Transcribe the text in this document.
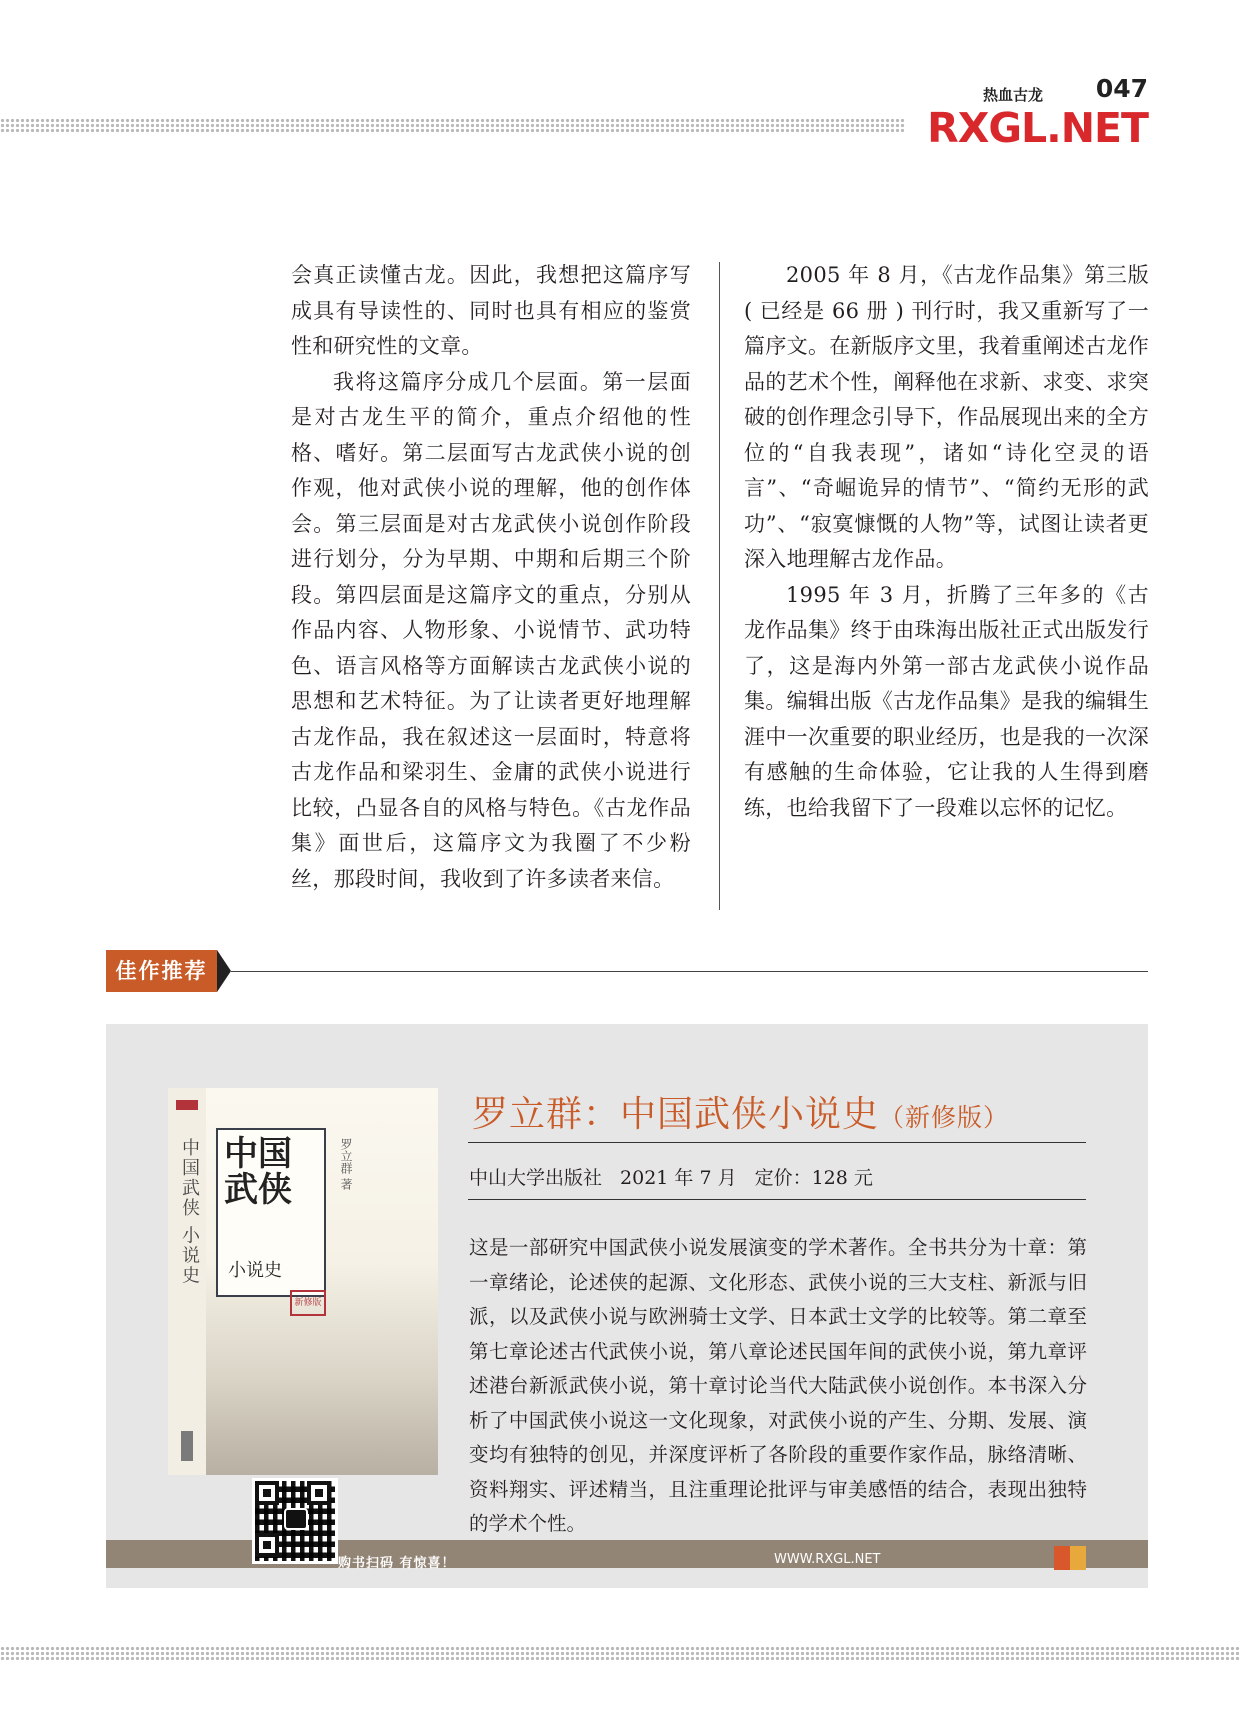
热血古龙 047
RXGL.NET

会真正读懂古龙。因此，我想把这篇序写成具有导读性的、同时也具有相应的鉴赏性和研究性的文章。

我将这篇序分成几个层面。第一层面是对古龙生平的简介，重点介绍他的性格、嗜好。第二层面写古龙武侠小说的创作观，他对武侠小说的理解，他的创作体会。第三层面是对古龙武侠小说创作阶段进行划分，分为早期、中期和后期三个阶段。第四层面是这篇序文的重点，分别从作品内容、人物形象、小说情节、武功特色、语言风格等方面解读古龙武侠小说的思想和艺术特征。为了让读者更好地理解古龙作品，我在叙述这一层面时，特意将古龙作品和梁羽生、金庸的武侠小说进行比较，凸显各自的风格与特色。《古龙作品集》面世后，这篇序文为我圈了不少粉丝，那段时间，我收到了许多读者来信。

2005 年 8 月，《古龙作品集》第三版 ( 已经是 66 册 ) 刊行时，我又重新写了一篇序文。在新版序文里，我着重阐述古龙作品的艺术个性，阐释他在求新、求变、求突破的创作理念引导下，作品展现出来的全方位的“自我表现”，诸如“诗化空灵的语言”、“奇崛诡异的情节”、“简约无形的武功”、“寂寞慷慨的人物”等，试图让读者更深入地理解古龙作品。

1995 年 3 月，折腾了三年多的《古龙作品集》终于由珠海出版社正式出版发行了，这是海内外第一部古龙武侠小说作品集。编辑出版《古龙作品集》是我的编辑生涯中一次重要的职业经历，也是我的一次深有感触的生命体验，它让我的人生得到磨练，也给我留下了一段难以忘怀的记忆。

佳作推荐
中国武侠 小说史 中国武侠
小说史
罗立群 著
新修版
罗立群：中国武侠小说史（新修版）
中山大学出版社 2021 年 7 月 定价：128 元

这是一部研究中国武侠小说发展演变的学术著作。全书共分为十章：第一章绪论，论述侠的起源、文化形态、武侠小说的三大支柱、新派与旧派，以及武侠小说与欧洲骑士文学、日本武士文学的比较等。第二章至第七章论述古代武侠小说，第八章论述民国年间的武侠小说，第九章评述港台新派武侠小说，第十章讨论当代大陆武侠小说创作。本书深入分析了中国武侠小说这一文化现象，对武侠小说的产生、分期、发展、演变均有独特的创见，并深度评析了各阶段的重要作家作品，脉络清晰、资料翔实、评述精当，且注重理论批评与审美感悟的结合，表现出独特的学术个性。

购书扫码 有惊喜！	WWW.RXGL.NET
